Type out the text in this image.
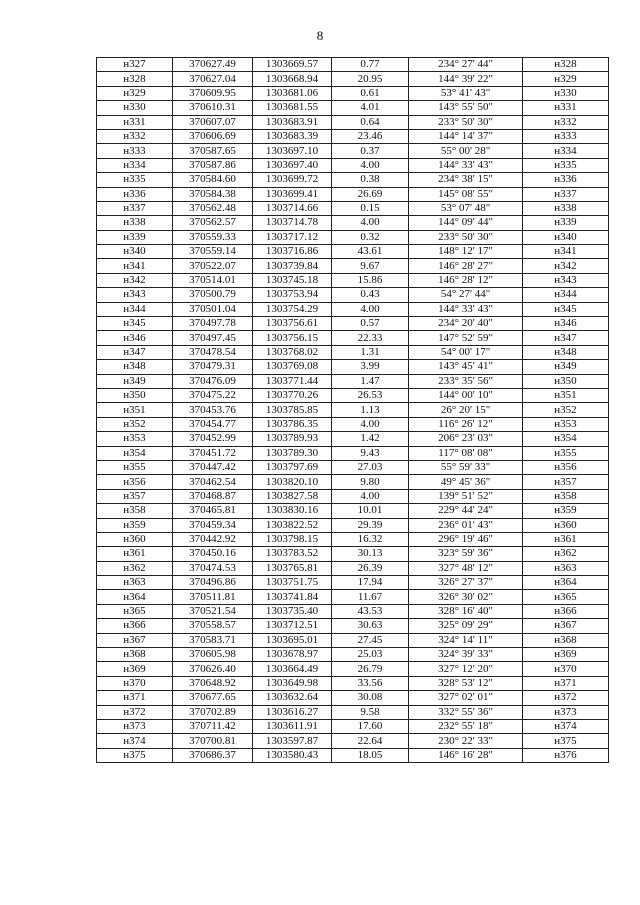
8
н327	370627.49	1303669.57	0.77	234° 27' 44"	н328
н328	370627.04	1303668.94	20.95	144° 39' 22"	н329
н329	370609.95	1303681.06	0.61	53° 41' 43"	н330
н330	370610.31	1303681.55	4.01	143° 55' 50"	н331
н331	370607.07	1303683.91	0.64	233° 50' 30"	н332
н332	370606.69	1303683.39	23.46	144° 14' 37"	н333
н333	370587.65	1303697.10	0.37	55° 00' 28"	н334
н334	370587.86	1303697.40	4.00	144° 33' 43"	н335
н335	370584.60	1303699.72	0.38	234° 38' 15"	н336
н336	370584.38	1303699.41	26.69	145° 08' 55"	н337
н337	370562.48	1303714.66	0.15	53° 07' 48"	н338
н338	370562.57	1303714.78	4.00	144° 09' 44"	н339
н339	370559.33	1303717.12	0.32	233° 50' 30"	н340
н340	370559.14	1303716.86	43.61	148° 12' 17"	н341
н341	370522.07	1303739.84	9.67	146° 28' 27"	н342
н342	370514.01	1303745.18	15.86	146° 28' 12"	н343
н343	370500.79	1303753.94	0.43	54° 27' 44"	н344
н344	370501.04	1303754.29	4.00	144° 33' 43"	н345
н345	370497.78	1303756.61	0.57	234° 20' 40"	н346
н346	370497.45	1303756.15	22.33	147° 52' 59"	н347
н347	370478.54	1303768.02	1.31	54° 00' 17"	н348
н348	370479.31	1303769.08	3.99	143° 45' 41"	н349
н349	370476.09	1303771.44	1.47	233° 35' 56"	н350
н350	370475.22	1303770.26	26.53	144° 00' 10"	н351
н351	370453.76	1303785.85	1.13	26° 20' 15"	н352
н352	370454.77	1303786.35	4.00	116° 26' 12"	н353
н353	370452.99	1303789.93	1.42	206° 23' 03"	н354
н354	370451.72	1303789.30	9.43	117° 08' 08"	н355
н355	370447.42	1303797.69	27.03	55° 59' 33"	н356
н356	370462.54	1303820.10	9.80	49° 45' 36"	н357
н357	370468.87	1303827.58	4.00	139° 51' 52"	н358
н358	370465.81	1303830.16	10.01	229° 44' 24"	н359
н359	370459.34	1303822.52	29.39	236° 01' 43"	н360
н360	370442.92	1303798.15	16.32	296° 19' 46"	н361
н361	370450.16	1303783.52	30.13	323° 59' 36"	н362
н362	370474.53	1303765.81	26.39	327° 48' 12"	н363
н363	370496.86	1303751.75	17.94	326° 27' 37"	н364
н364	370511.81	1303741.84	11.67	326° 30' 02"	н365
н365	370521.54	1303735.40	43.53	328° 16' 40"	н366
н366	370558.57	1303712.51	30.63	325° 09' 29"	н367
н367	370583.71	1303695.01	27.45	324° 14' 11"	н368
н368	370605.98	1303678.97	25.03	324° 39' 33"	н369
н369	370626.40	1303664.49	26.79	327° 12' 20"	н370
н370	370648.92	1303649.98	33.56	328° 53' 12"	н371
н371	370677.65	1303632.64	30.08	327° 02' 01"	н372
н372	370702.89	1303616.27	9.58	332° 55' 36"	н373
н373	370711.42	1303611.91	17.60	232° 55' 18"	н374
н374	370700.81	1303597.87	22.64	230° 22' 33"	н375
н375	370686.37	1303580.43	18.05	146° 16' 28"	н376
